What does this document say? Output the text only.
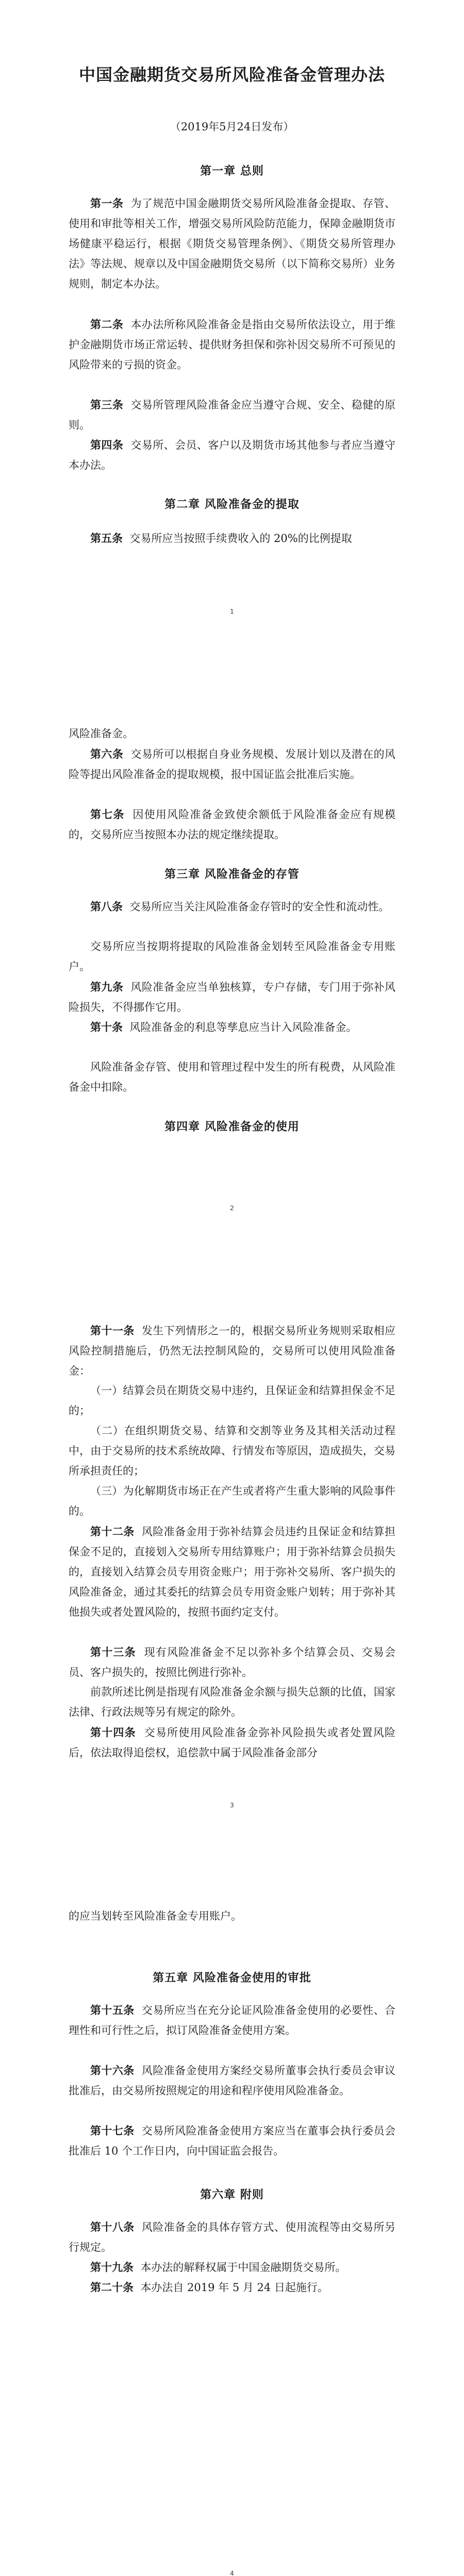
中国金融期货交易所风险准备金管理办法
（2019年5月24日发布）
第一章 总则

第一条 为了规范中国金融期货交易所风险准备金提取、存管、使用和审批等相关工作，增强交易所风险防范能力，保障金融期货市场健康平稳运行，根据《期货交易管理条例》、《期货交易所管理办法》等法规、规章以及中国金融期货交易所（以下简称交易所）业务规则，制定本办法。

第二条 本办法所称风险准备金是指由交易所依法设立，用于维护金融期货市场正常运转、提供财务担保和弥补因交易所不可预见的风险带来的亏损的资金。

第三条 交易所管理风险准备金应当遵守合规、安全、稳健的原则。

第四条 交易所、会员、客户以及期货市场其他参与者应当遵守本办法。

第二章 风险准备金的提取

第五条 交易所应当按照手续费收入的 20%的比例提取

1

风险准备金。

第六条 交易所可以根据自身业务规模、发展计划以及潜在的风险等提出风险准备金的提取规模，报中国证监会批准后实施。

第七条 因使用风险准备金致使余额低于风险准备金应有规模的，交易所应当按照本办法的规定继续提取。

第三章 风险准备金的存管

第八条 交易所应当关注风险准备金存管时的安全性和流动性。

交易所应当按期将提取的风险准备金划转至风险准备金专用账户。

第九条 风险准备金应当单独核算，专户存储，专门用于弥补风险损失，不得挪作它用。

第十条 风险准备金的利息等孳息应当计入风险准备金。

风险准备金存管、使用和管理过程中发生的所有税费，从风险准备金中扣除。

第四章 风险准备金的使用
2

第十一条 发生下列情形之一的，根据交易所业务规则采取相应风险控制措施后，仍然无法控制风险的，交易所可以使用风险准备金：

（一）结算会员在期货交易中违约，且保证金和结算担保金不足的；

（二）在组织期货交易、结算和交割等业务及其相关活动过程中，由于交易所的技术系统故障、行情发布等原因，造成损失，交易所承担责任的；

（三）为化解期货市场正在产生或者将产生重大影响的风险事件的。

第十二条 风险准备金用于弥补结算会员违约且保证金和结算担保金不足的，直接划入交易所专用结算账户；用于弥补结算会员损失的，直接划入结算会员专用资金账户；用于弥补交易所、客户损失的风险准备金，通过其委托的结算会员专用资金账户划转；用于弥补其他损失或者处置风险的，按照书面约定支付。

第十三条 现有风险准备金不足以弥补多个结算会员、交易会员、客户损失的，按照比例进行弥补。

前款所述比例是指现有风险准备金余额与损失总额的比值，国家法律、行政法规等另有规定的除外。

第十四条 交易所使用风险准备金弥补风险损失或者处置风险后，依法取得追偿权，追偿款中属于风险准备金部分

3

的应当划转至风险准备金专用账户。

第五章 风险准备金使用的审批

第十五条 交易所应当在充分论证风险准备金使用的必要性、合理性和可行性之后，拟订风险准备金使用方案。

第十六条 风险准备金使用方案经交易所董事会执行委员会审议批准后，由交易所按照规定的用途和程序使用风险准备金。

第十七条 交易所风险准备金使用方案应当在董事会执行委员会批准后 10 个工作日内，向中国证监会报告。

第六章 附则

第十八条 风险准备金的具体存管方式、使用流程等由交易所另行规定。

第十九条 本办法的解释权属于中国金融期货交易所。

第二十条 本办法自 2019 年 5 月 24 日起施行。

4
